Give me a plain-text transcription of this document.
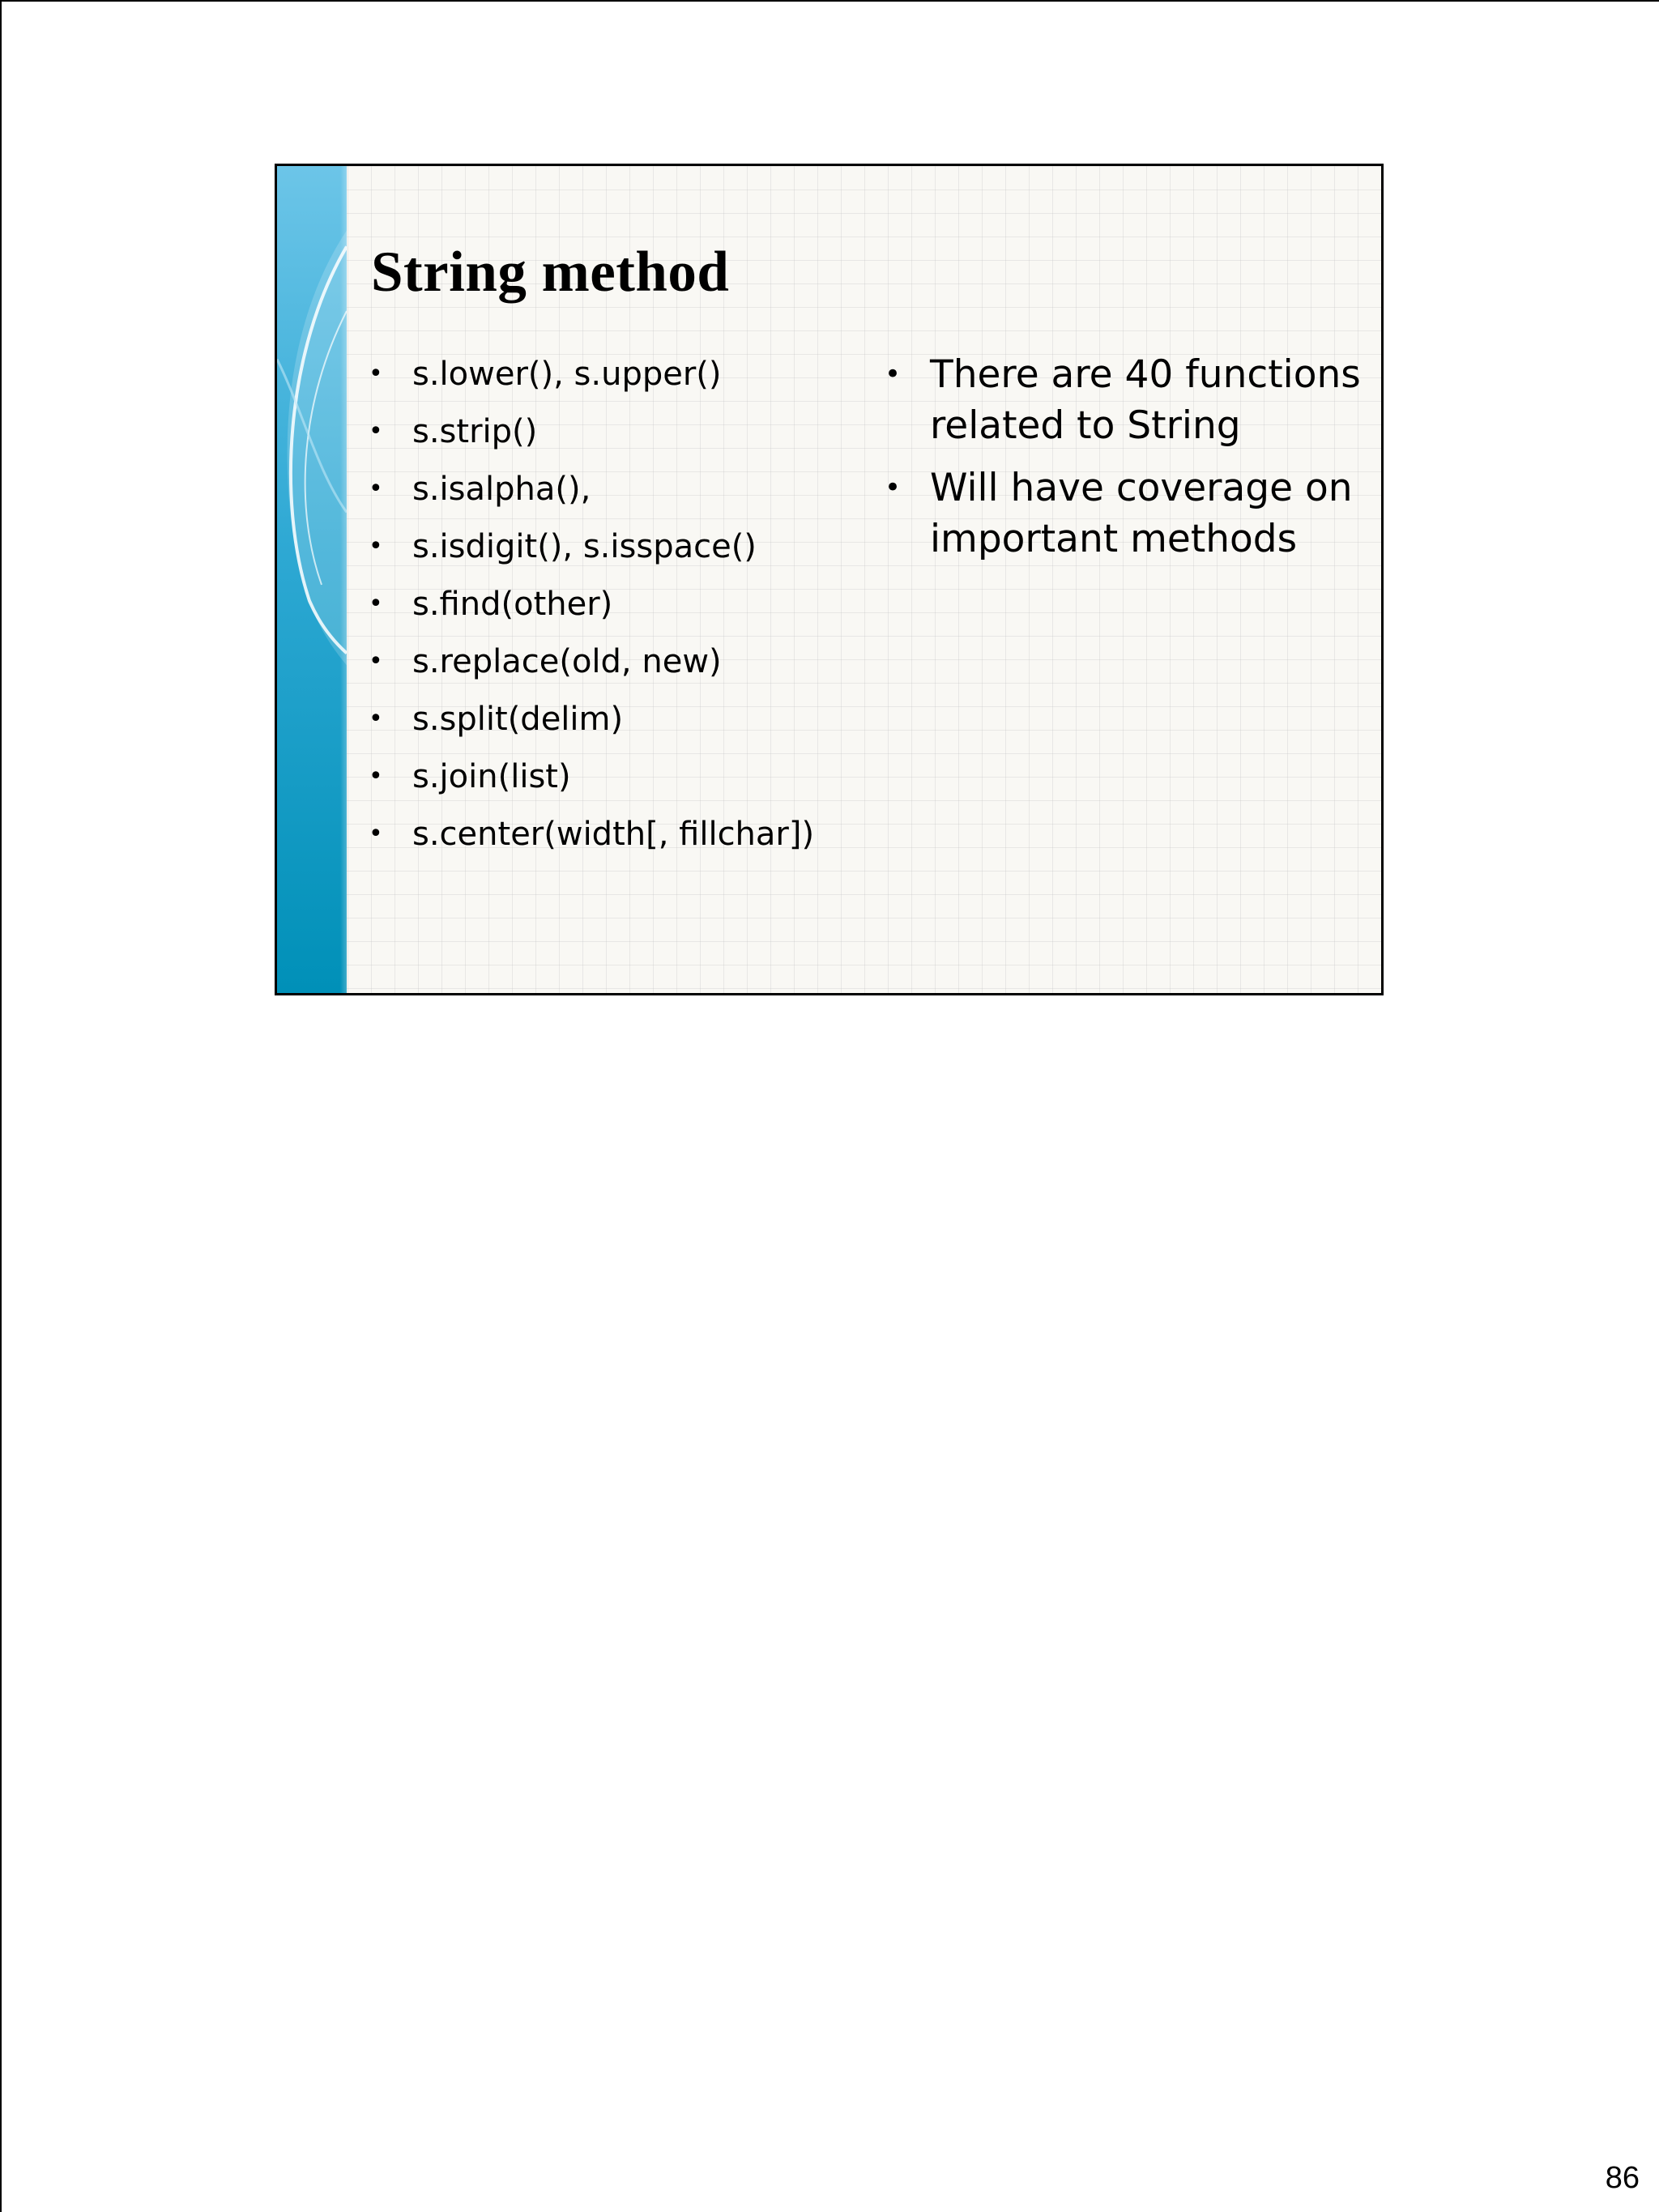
String method
• s.lower(), s.upper()
• s.strip()
• s.isalpha(),
• s.isdigit(), s.isspace()
• s.find(other)
• s.replace(old, new)
• s.split(delim)
• s.join(list)
• s.center(width[, fillchar])
• There are 40 functions related to String
• Will have coverage on important methods
86
